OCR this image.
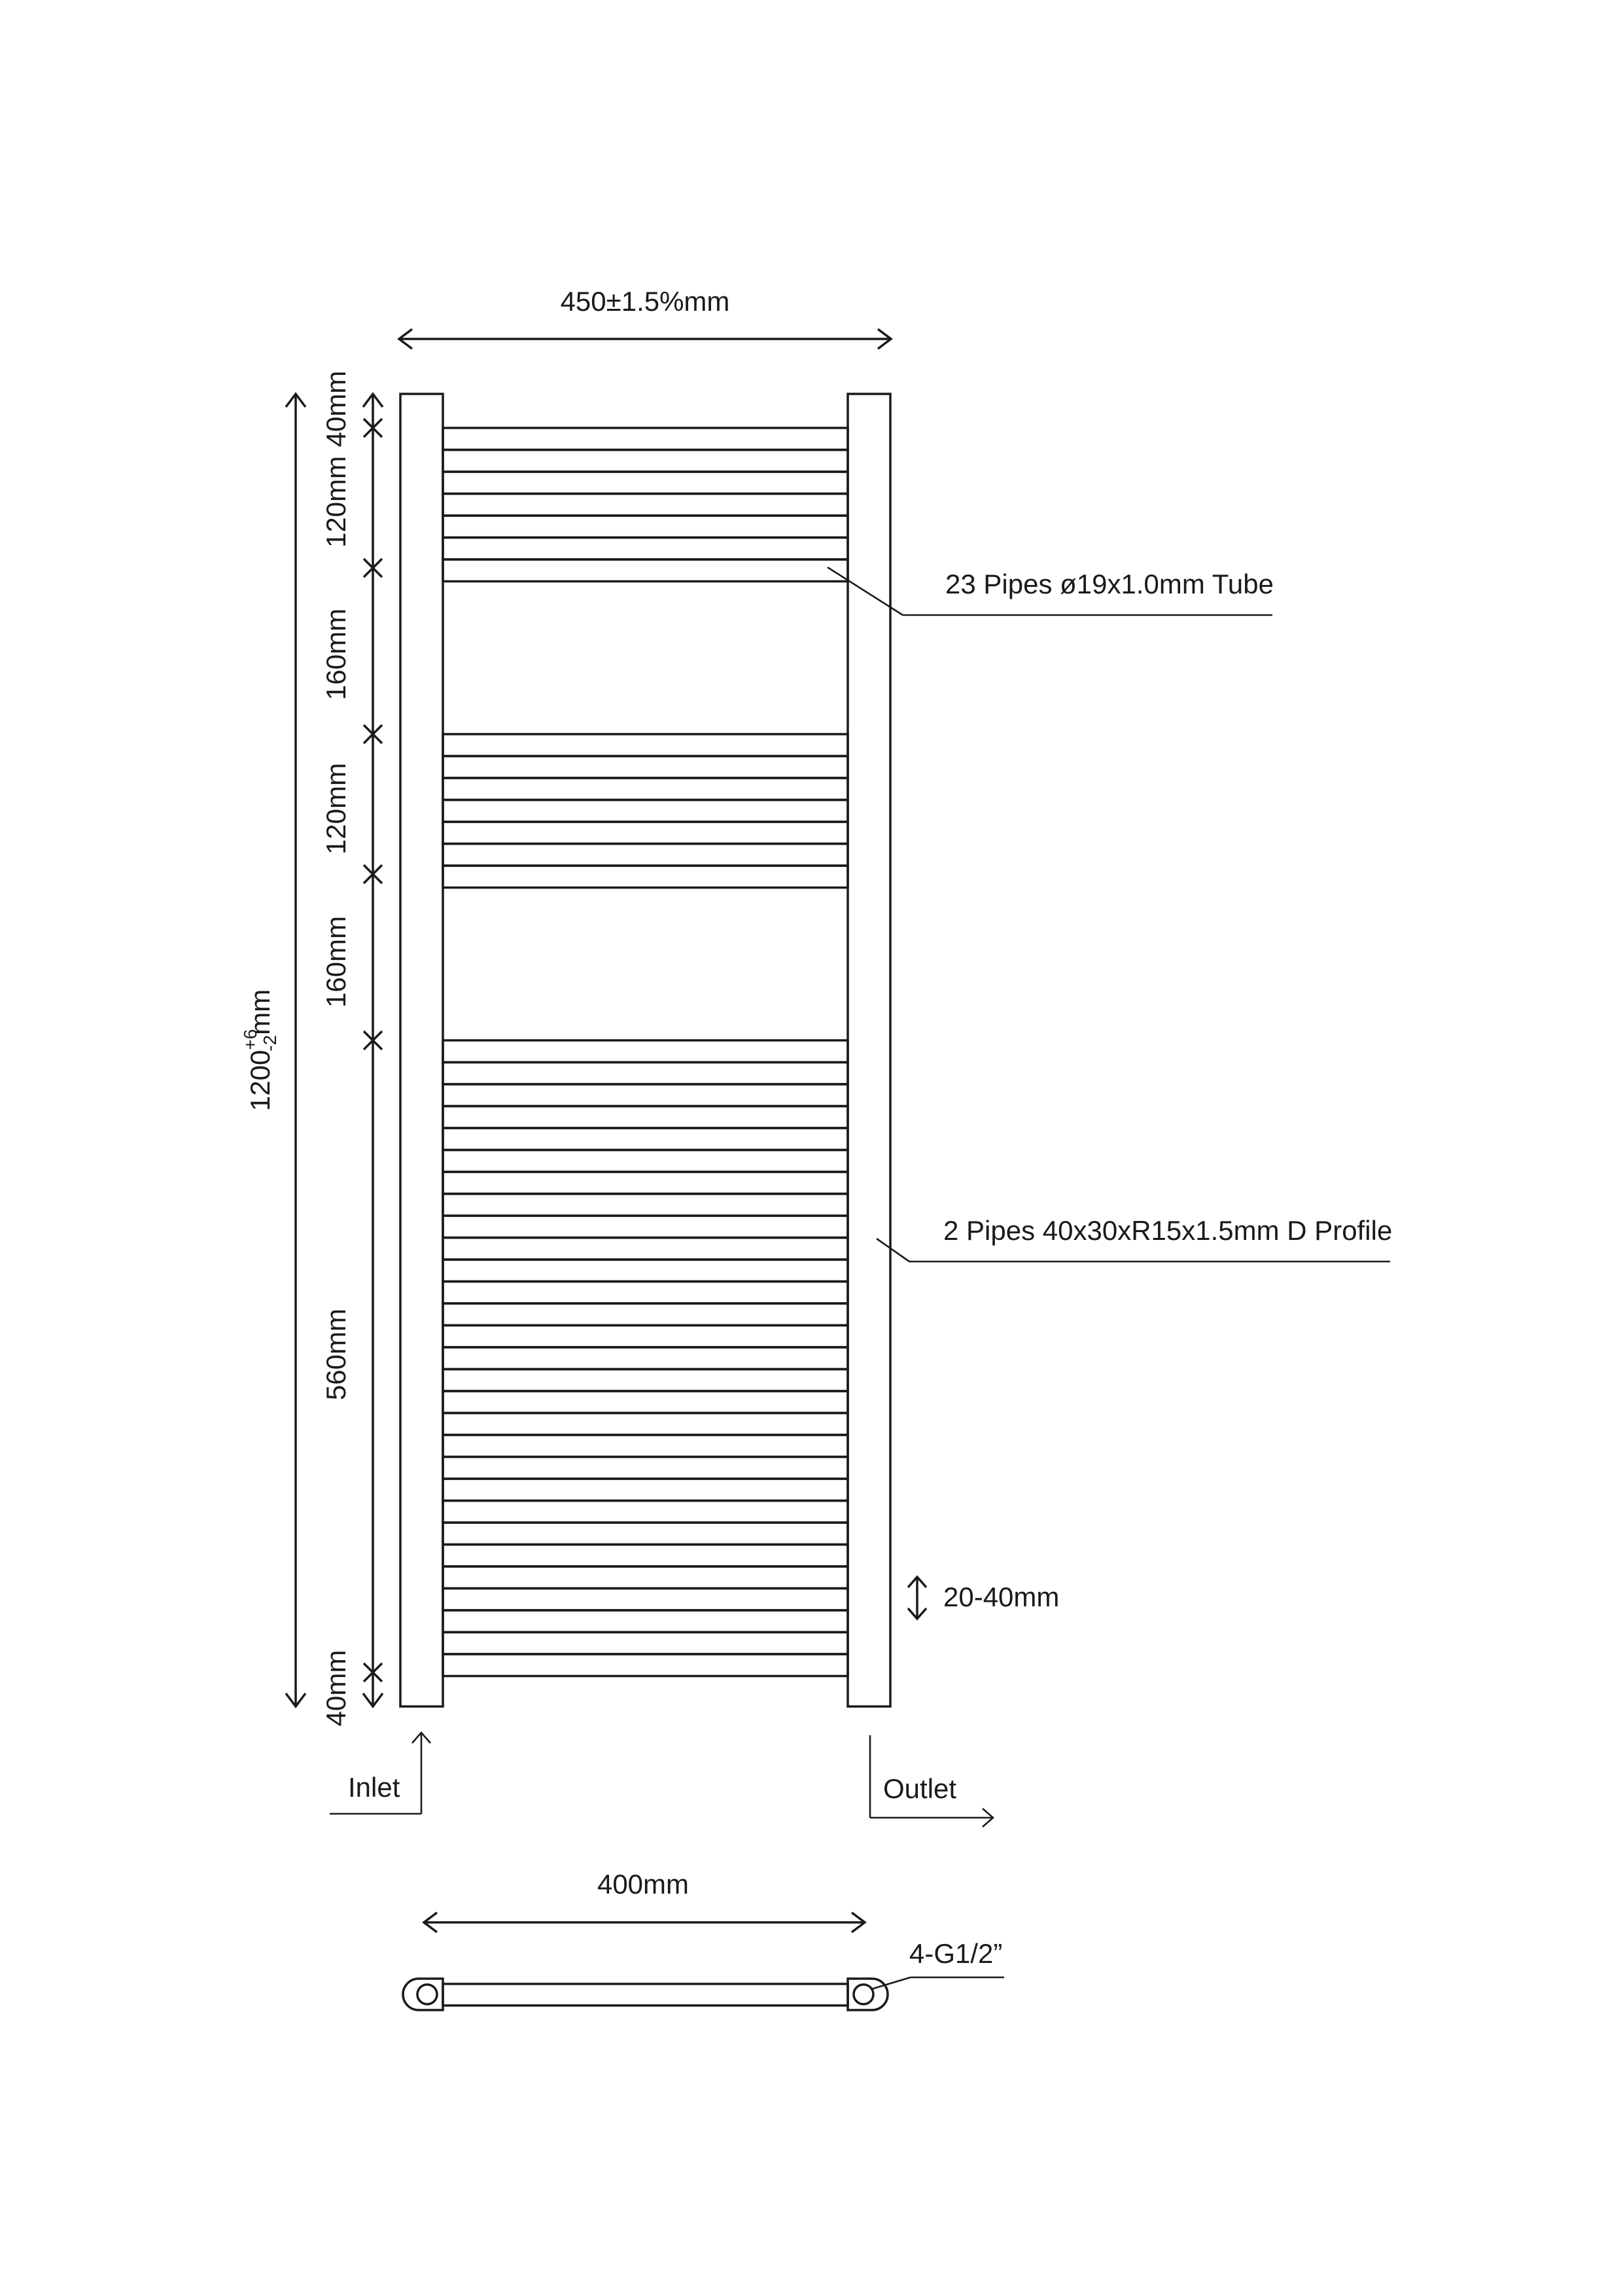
450±1.5%mm
$1200^{+6}-2mm$
40mm
120mm
160mm
120mm
160mm
560mm
40mm
23 Pipes ø19x1.0mm Tube
2 Pipes 40x30xR15x1.5mm D Profile
20-40mm
Inlet	Outlet
400mm
4-G1/2”
